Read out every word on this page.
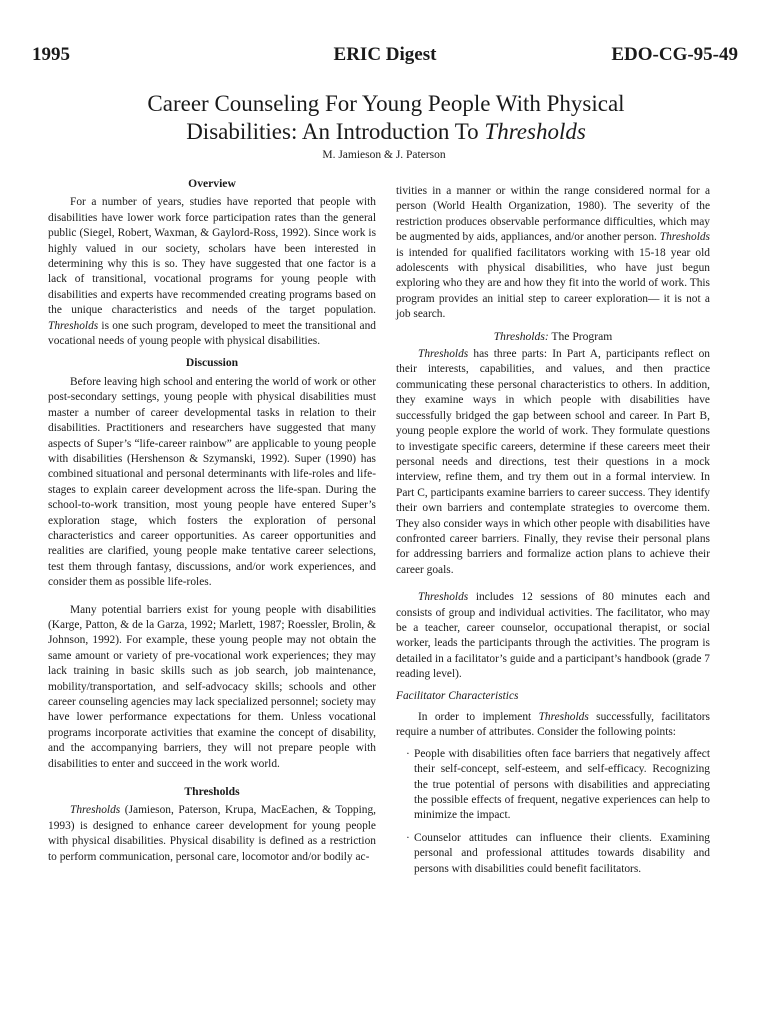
1995	ERIC Digest	EDO-CG-95-49
Career Counseling For Young People With Physical
Disabilities: An Introduction To Thresholds
M. Jamieson & J. Paterson
Overview

For a number of years, studies have reported that people with disabilities have lower work force participation rates than the general public (Siegel, Robert, Waxman, & Gaylord-Ross, 1992). Since work is highly valued in our society, scholars have been interested in determining why this is so. They have suggested that one factor is a lack of transitional, vocational programs for young people with disabilities and experts have recommended creating programs based on the unique characteristics and needs of the target population. Thresholds is one such program, developed to meet the transitional and vocational needs of young people with physical disabilities.

Discussion

Before leaving high school and entering the world of work or other post-secondary settings, young people with physical disabilities must master a number of career developmental tasks in relation to their disabilities. Practitioners and researchers have suggested that many aspects of Super’s “life-career rainbow” are applicable to young people with disabilities (Hershenson & Szymanski, 1992). Super (1990) has combined situational and personal determinants with life-roles and life-stages to explain career development across the life-span. During the school-to-work transition, most young people have entered Super’s exploration stage, which fosters the exploration of personal characteristics and career opportunities. As career opportunities and realities are clarified, young people make tentative career selections, test them through fantasy, discussions, and/or work experiences, and consider them as possible life-roles.

Many potential barriers exist for young people with disabilities (Karge, Patton, & de la Garza, 1992; Marlett, 1987; Roessler, Brolin, & Johnson, 1992). For example, these young people may not obtain the same amount or variety of pre-vocational work experiences; they may lack training in basic skills such as job search, job maintenance, mobility/transportation, and self-advocacy skills; schools and other career counseling agencies may lack specialized personnel; society may have lower performance expectations for them. Unless vocational programs incorporate activities that examine the concept of disability, and the accompanying barriers, they will not prepare people with disabilities to enter and succeed in the work world.

Thresholds

Thresholds (Jamieson, Paterson, Krupa, MacEachen, & Topping, 1993) is designed to enhance career development for young people with physical disabilities. Physical disability is defined as a restriction to perform communication, personal care, locomotor and/or bodily ac-

tivities in a manner or within the range considered normal for a person (World Health Organization, 1980). The severity of the restriction produces observable performance difficulties, which may be augmented by aids, appliances, and/or another person. Thresholds is intended for qualified facilitators working with 15-18 year old adolescents with physical disabilities, who have just begun exploring who they are and how they fit into the world of work. This program provides an initial step to career exploration— it is not a job search.

Thresholds: The Program

Thresholds has three parts: In Part A, participants reflect on their interests, capabilities, and values, and then practice communicating these personal characteristics to others. In addition, they examine ways in which people with disabilities have successfully bridged the gap between school and career. In Part B, young people explore the world of work. They formulate questions to investigate specific careers, determine if these careers meet their personal needs and directions, test their questions in a mock interview, refine them, and try them out in a formal interview. In Part C, participants examine barriers to career success. They identify their own barriers and contemplate strategies to overcome them. They also consider ways in which other people with disabilities have confronted career barriers. Finally, they revise their personal plans for addressing barriers and formalize action plans to achieve their career goals.

Thresholds includes 12 sessions of 80 minutes each and consists of group and individual activities. The facilitator, who may be a teacher, career counselor, occupational therapist, or social worker, leads the participants through the activities. The program is detailed in a facilitator’s guide and a participant’s handbook (grade 7 reading level).

Facilitator Characteristics

In order to implement Thresholds successfully, facilitators require a number of attributes. Consider the following points:

· People with disabilities often face barriers that negatively affect their self-concept, self-esteem, and self-efficacy. Recognizing the true potential of persons with disabilities and appreciating the possible effects of frequent, negative experiences can help to minimize the impact.
· Counselor attitudes can influence their clients. Examining personal and professional attitudes towards disability and persons with disabilities could benefit facilitators.
